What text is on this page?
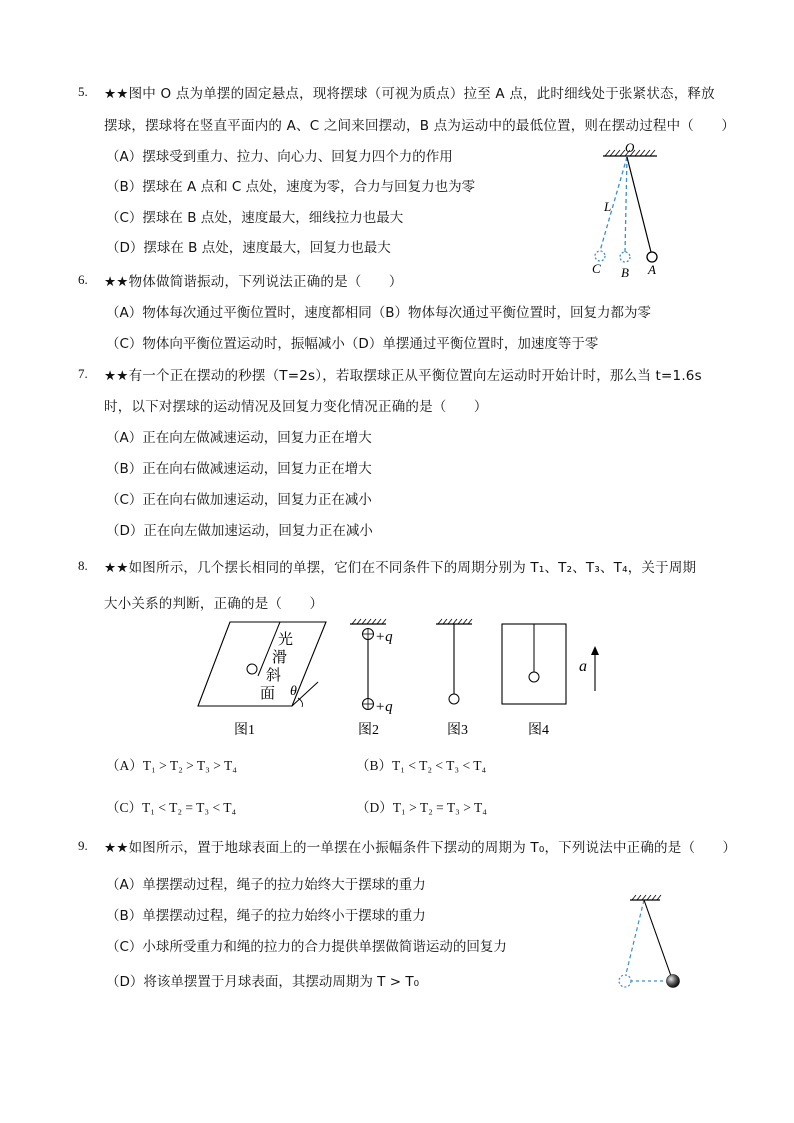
5. ★★图中 O 点为单摆的固定悬点，现将摆球（可视为质点）拉至 A 点，此时细线处于张紧状态，释放
摆球，摆球将在竖直平面内的 A、C 之间来回摆动，B 点为运动中的最低位置，则在摆动过程中（　　）
（A）摆球受到重力、拉力、向心力、回复力四个力的作用
（B）摆球在 A 点和 C 点处，速度为零，合力与回复力也为零
（C）摆球在 B 点处，速度最大，细线拉力也最大
（D）摆球在 B 点处，速度最大，回复力也最大
O
L
C B A
6. ★★物体做简谐振动，下列说法正确的是（　　）
（A）物体每次通过平衡位置时，速度都相同（B）物体每次通过平衡位置时，回复力都为零
（C）物体向平衡位置运动时，振幅减小（D）单摆通过平衡位置时，加速度等于零
7. ★★有一个正在摆动的秒摆（T=2s），若取摆球正从平衡位置向左运动时开始计时，那么当 t=1.6s
时，以下对摆球的运动情况及回复力变化情况正确的是（　　）
（A）正在向左做减速运动，回复力正在增大
（B）正在向右做减速运动，回复力正在增大
（C）正在向右做加速运动，回复力正在减小
（D）正在向左做加速运动，回复力正在减小
8. ★★如图所示，几个摆长相同的单摆，它们在不同条件下的周期分别为 T₁、T₂、T₃、T₄，关于周期
大小关系的判断，正确的是（　　）
光
滑
斜
面 θ
图1
+q
+q
图2	图3
a
图4
（A）T₁ > T₂ > T₃ > T₄	（B）T₁ < T₂ < T₃ < T₄
（C）T₁ < T₂ = T₃ < T₄	（D）T₁ > T₂ = T₃ > T₄
9. ★★如图所示，置于地球表面上的一单摆在小振幅条件下摆动的周期为 T₀，下列说法中正确的是（　　）
（A）单摆摆动过程，绳子的拉力始终大于摆球的重力
（B）单摆摆动过程，绳子的拉力始终小于摆球的重力
（C）小球所受重力和绳的拉力的合力提供单摆做简谐运动的回复力
（D）将该单摆置于月球表面，其摆动周期为 T > T₀
